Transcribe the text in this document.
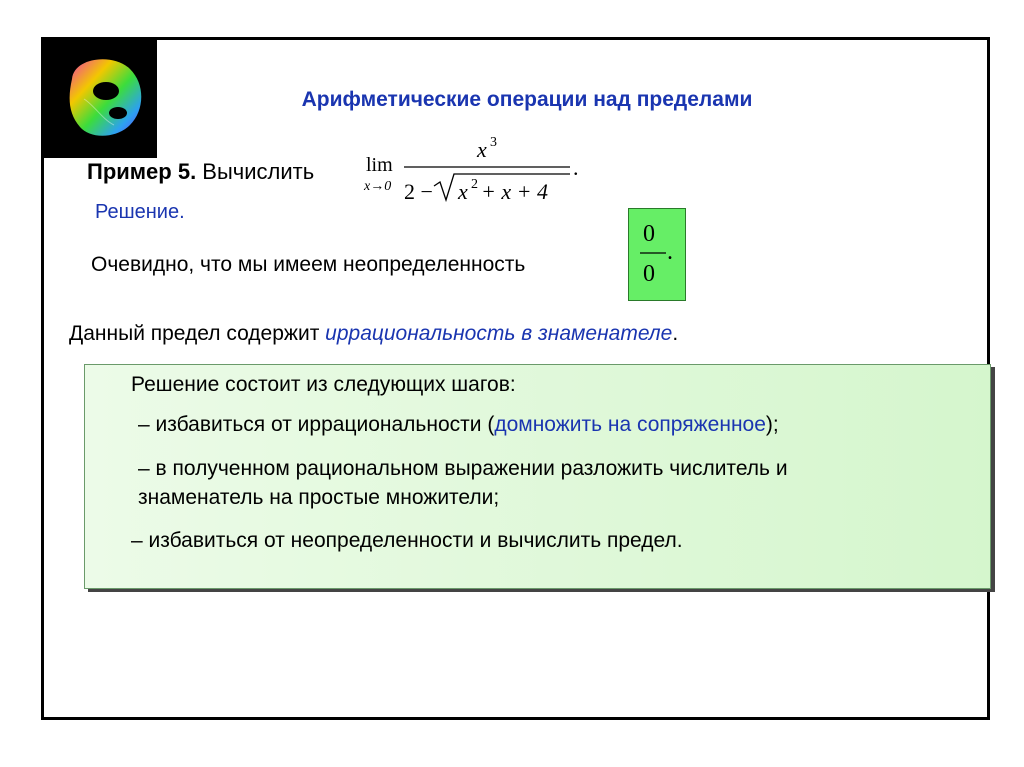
Арифметические операции над пределами
Пример 5. Вычислить	lim
x→0
x 3
2 − x 2 + x + 4
.
Решение.
Очевидно, что мы имеем неопределенность
0
0
.
Данный предел содержит иррациональность в знаменателе.
Решение состоит из следующих шагов:
– избавиться от иррациональности (домножить на сопряженное);
– в полученном рациональном выражении разложить числитель и
знаменатель на простые множители;
– избавиться от неопределенности и вычислить предел.
